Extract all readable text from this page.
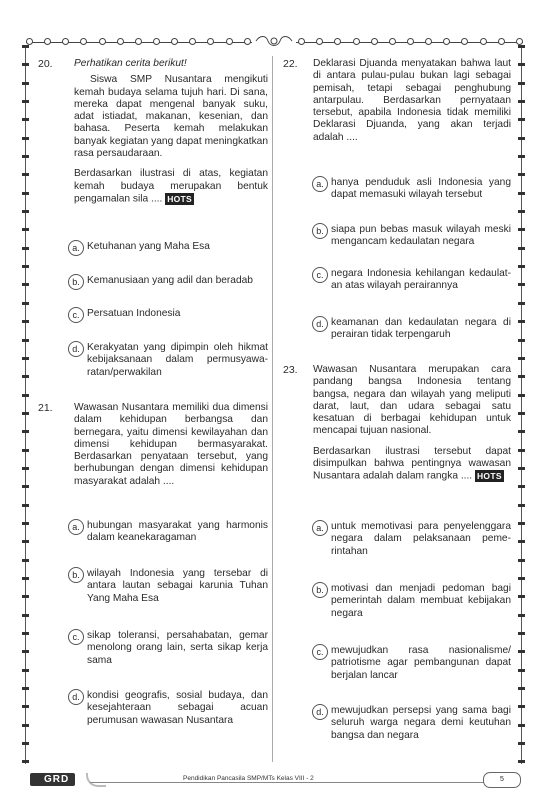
20. Perhatikan cerita berikut!

Siswa SMP Nusantara mengikuti kemah budaya selama tujuh hari. Di sana, mereka dapat mengenal banyak suku, adat istiadat, makanan, kesenian, dan bahasa. Peserta kemah melakukan banyak kegiatan yang dapat meningkatkan rasa persaudaraan.

Berdasarkan ilustrasi di atas, kegiatan kemah budaya merupakan bentuk pengamalan sila .... HOTS

a. Ketuhanan yang Maha Esa
b. Kemanusiaan yang adil dan beradab
c. Persatuan Indonesia
d. Kerakyatan yang dipimpin oleh hikmat kebijaksanaan dalam permusyawa-ratan/perwakilan
21. Wawasan Nusantara memiliki dua dimensi dalam kehidupan berbangsa dan bernegara, yaitu dimensi kewilayahan dan dimensi kehidupan bermasyarakat. Berdasarkan penyataan tersebut, yang berhubungan dengan dimensi kehidupan masyarakat adalah ....

a. hubungan masyarakat yang harmonis dalam keanekaragaman
b. wilayah Indonesia yang tersebar di antara lautan sebagai karunia Tuhan Yang Maha Esa
c. sikap toleransi, persahabatan, gemar menolong orang lain, serta sikap kerja sama
d. kondisi geografis, sosial budaya, dan kesejahteraan sebagai acuan perumusan wawasan Nusantara
22. Deklarasi Djuanda menyatakan bahwa laut di antara pulau-pulau bukan lagi sebagai pemisah, tetapi sebagai penghubung antarpulau. Berdasarkan pernyataan tersebut, apabila Indonesia tidak memiliki Deklarasi Djuanda, yang akan terjadi adalah ....

a. hanya penduduk asli Indonesia yang dapat memasuki wilayah tersebut
b. siapa pun bebas masuk wilayah meski mengancam kedaulatan negara
c. negara Indonesia kehilangan kedaulat-an atas wilayah perairannya
d. keamanan dan kedaulatan negara di perairan tidak terpengaruh
23. Wawasan Nusantara merupakan cara pandang bangsa Indonesia tentang bangsa, negara dan wilayah yang meliputi darat, laut, dan udara sebagai satu kesatuan di berbagai kehidupan untuk mencapai tujuan nasional.

Berdasarkan ilustrasi tersebut dapat disimpulkan bahwa pentingnya wawasan Nusantara adalah dalam rangka .... HOTS

a. untuk memotivasi para penyelenggara negara dalam pelaksanaan peme-rintahan
b. motivasi dan menjadi pedoman bagi pemerintah dalam membuat kebijakan negara
c. mewujudkan rasa nasionalisme/ patriotisme agar pembangunan dapat berjalan lancar
d. mewujudkan persepsi yang sama bagi seluruh warga negara demi keutuhan bangsa dan negara
GRD	Pendidikan Pancasila SMP/MTs Kelas VIII - 2	5
